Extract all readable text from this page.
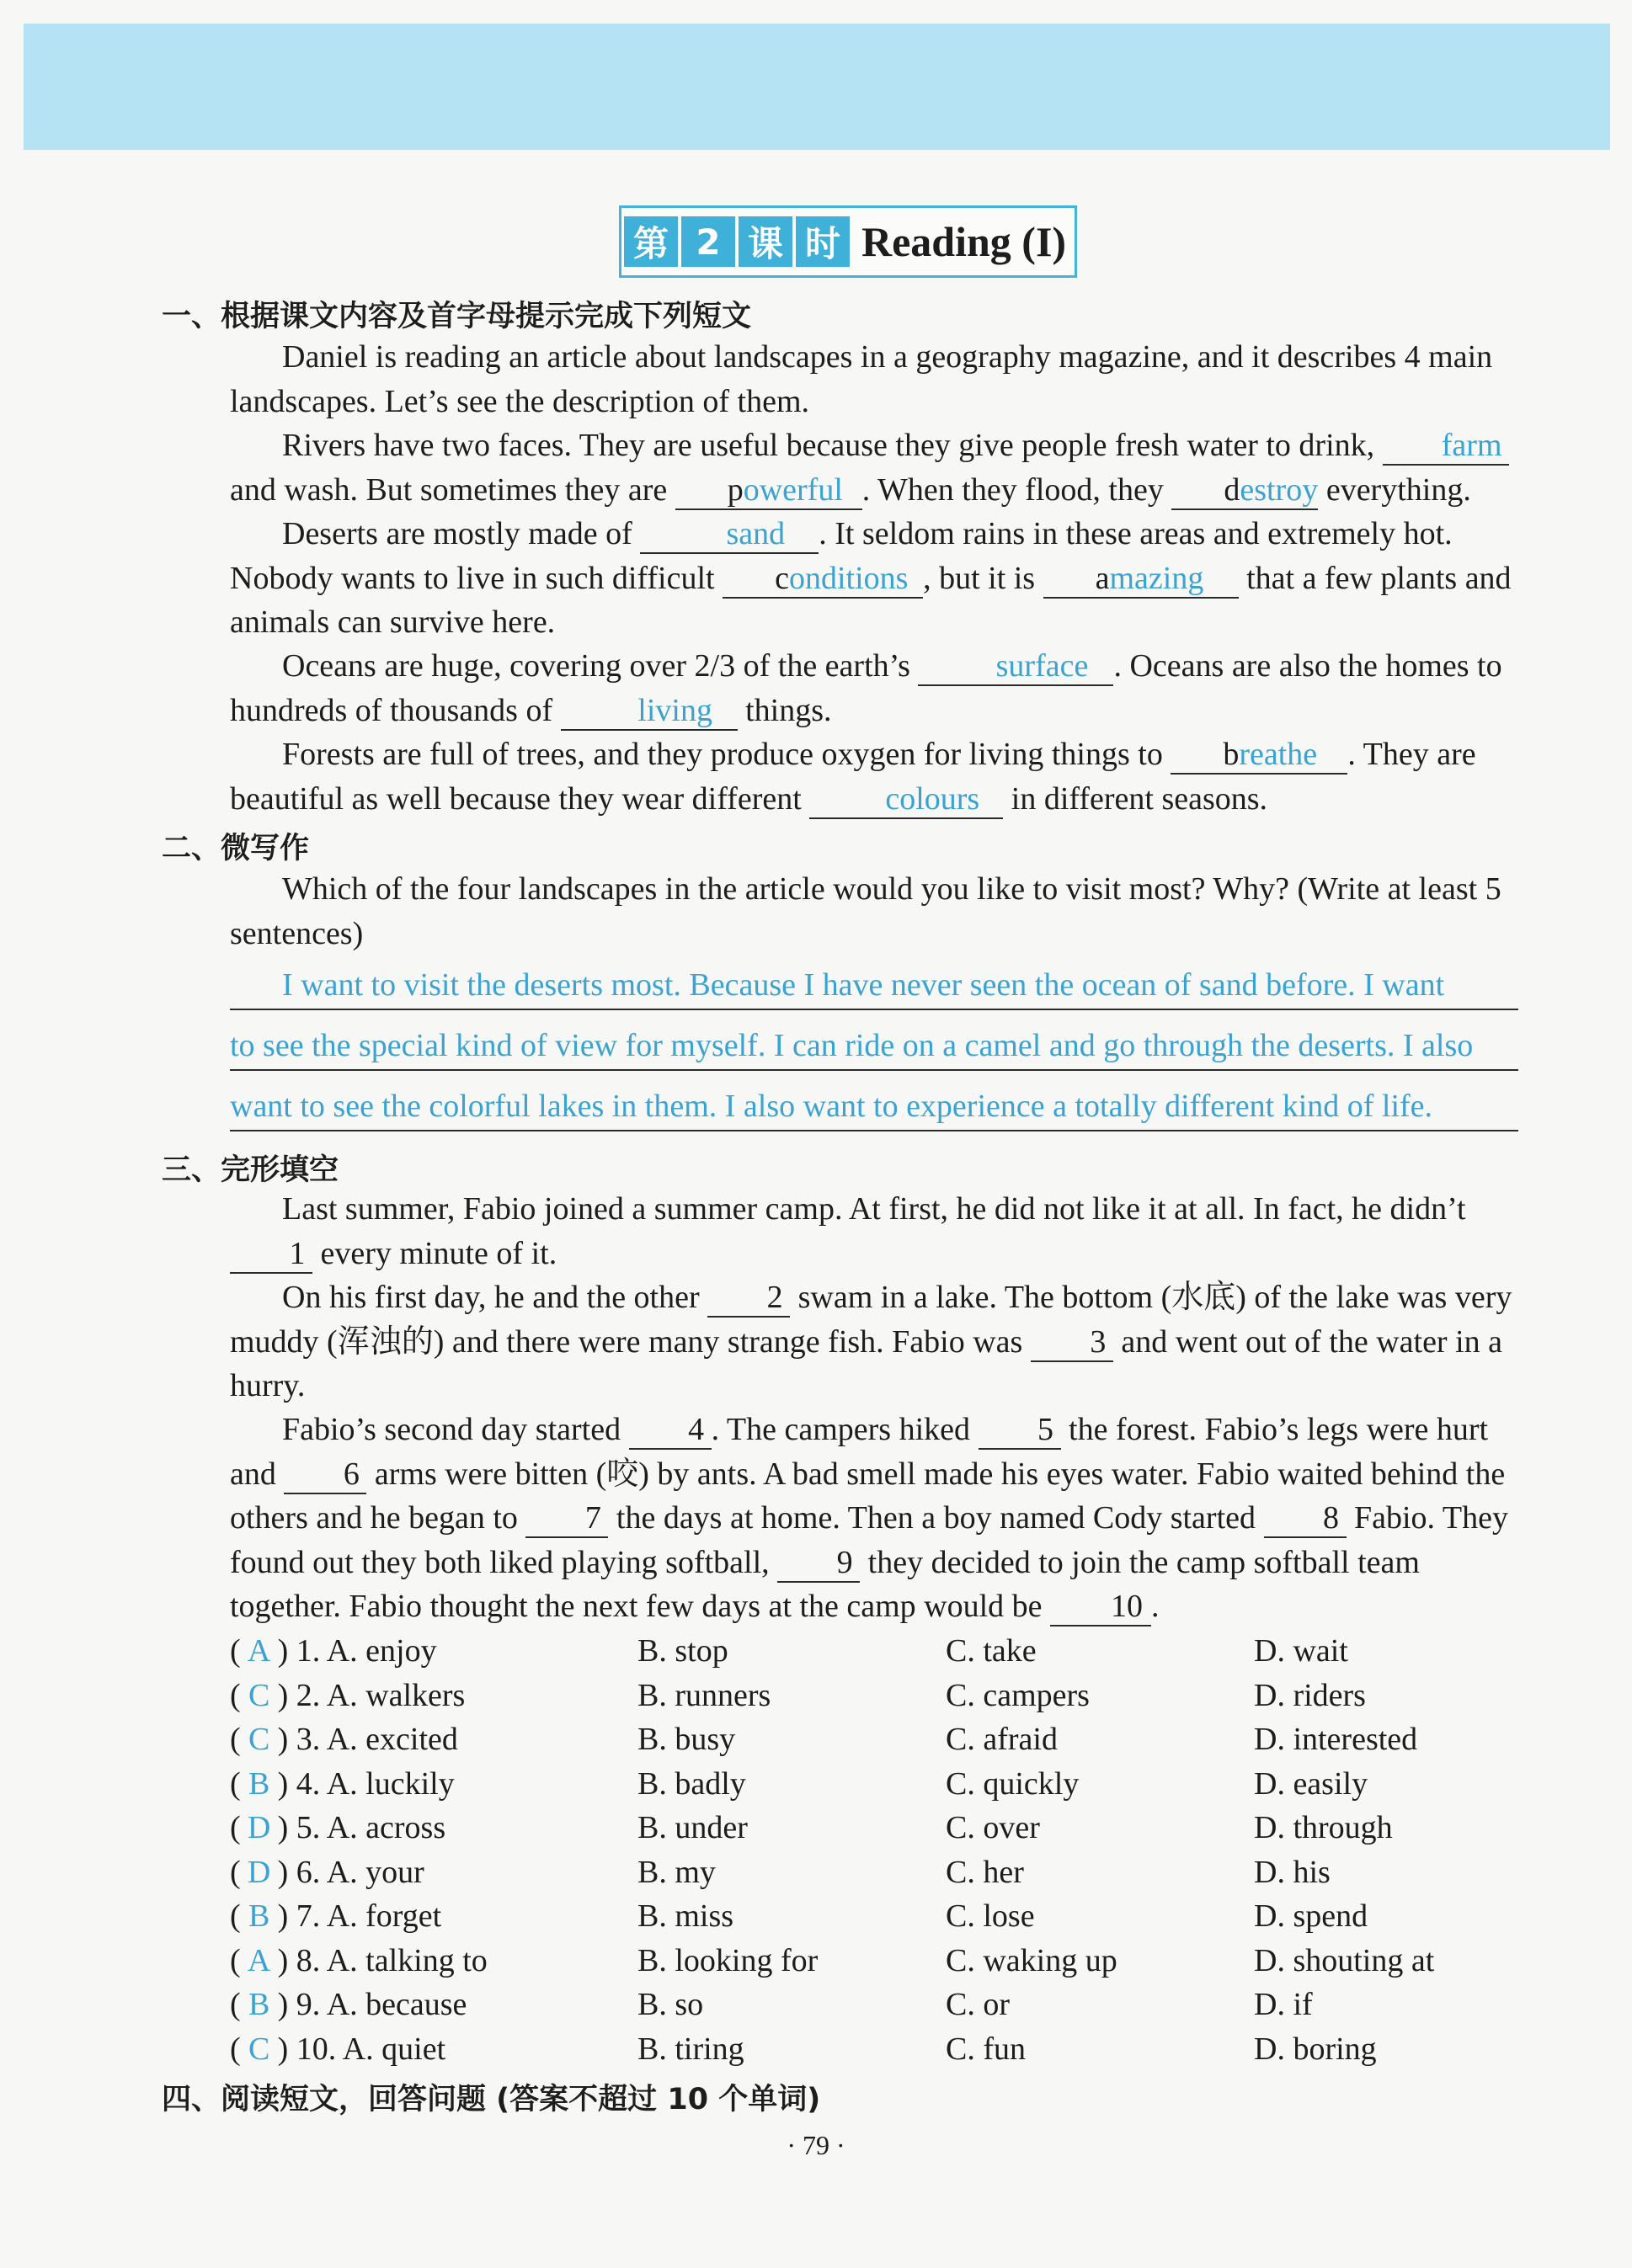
第 2 课 时 Reading (I)
一、根据课文内容及首字母提示完成下列短文

Daniel is reading an article about landscapes in a geography magazine, and it describes 4 main landscapes. Let’s see the description of them.

Rivers have two faces. They are useful because they give people fresh water to drink, farm and wash. But sometimes they are powerful . When they flood, they destroy everything.

Deserts are mostly made of	sand . It seldom rains in these areas and extremely hot. Nobody wants to live in such difficult conditions , but it is amazing that a few plants and animals can survive here.

Oceans are huge, covering over 2/3 of the earth’s	surface . Oceans are also the homes to hundreds of thousands of	living things.

Forests are full of trees, and they produce oxygen for living things to breathe . They are beautiful as well because they wear different	colours in different seasons.

二、微写作

Which of the four landscapes in the article would you like to visit most? Why? (Write at least 5 sentences)

I want to visit the deserts most. Because I have never seen the ocean of sand before. I want
to see the special kind of view for myself. I can ride on a camel and go through the deserts. I also
want to see the colorful lakes in them. I also want to experience a totally different kind of life.
三、完形填空

Last summer, Fabio joined a summer camp. At first, he did not like it at all. In fact, he didn’t 1 every minute of it.

On his first day, he and the other 2 swam in a lake. The bottom (水底) of the lake was very muddy (浑浊的) and there were many strange fish. Fabio was 3 and went out of the water in a hurry.

Fabio’s second day started 4 . The campers hiked 5 the forest. Fabio’s legs were hurt and 6 arms were bitten (咬) by ants. A bad smell made his eyes water. Fabio waited behind the others and he began to 7 the days at home. Then a boy named Cody started 8 Fabio. They found out they both liked playing softball, 9 they decided to join the camp softball team together. Fabio thought the next few days at the camp would be 10 .

( A ) 1. A. enjoy	B. stop	C. take	D. wait
( C ) 2. A. walkers	B. runners	C. campers	D. riders
( C ) 3. A. excited	B. busy	C. afraid	D. interested
( B ) 4. A. luckily	B. badly	C. quickly	D. easily
( D ) 5. A. across	B. under	C. over	D. through
( D ) 6. A. your	B. my	C. her	D. his
( B ) 7. A. forget	B. miss	C. lose	D. spend
( A ) 8. A. talking to	B. looking for	C. waking up	D. shouting at
( B ) 9. A. because	B. so	C. or	D. if
( C ) 10. A. quiet	B. tiring	C. fun	D. boring
四、阅读短文，回答问题 (答案不超过 10 个单词)
· 79 ·
